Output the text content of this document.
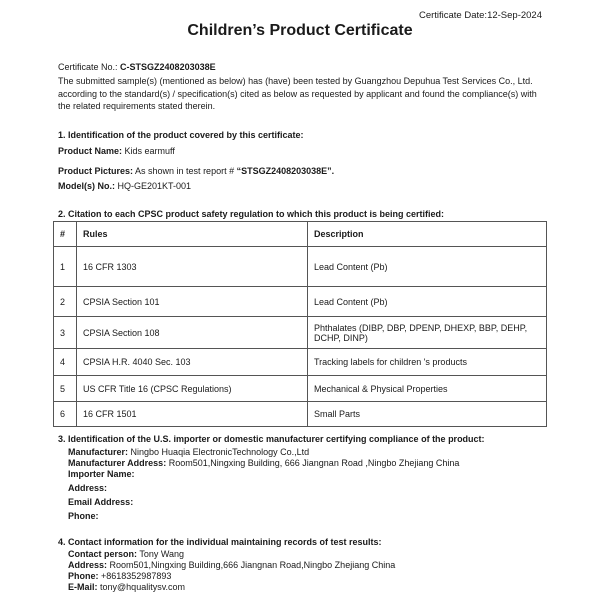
Certificate Date:12-Sep-2024
Children’s Product Certificate
Certificate No.: C-STSGZ2408203038E
The submitted sample(s) (mentioned as below) has (have) been tested by Guangzhou Depuhua Test Services Co., Ltd. according to the standard(s) / specification(s) cited as below as requested by applicant and found the compliance(s) with the related requirements stated therein.
1. Identification of the product covered by this certificate:
Product Name: Kids earmuff
Product Pictures: As shown in test report # “STSGZ2408203038E”.
Model(s) No.: HQ-GE201KT-001
2. Citation to each CPSC product safety regulation to which this product is being certified:
#	Rules	Description
1	16 CFR 1303	Lead Content (Pb)
2	CPSIA Section 101	Lead Content (Pb)
3	CPSIA Section 108	Phthalates (DIBP, DBP, DPENP, DHEXP, BBP, DEHP, DCHP, DINP)
4	CPSIA H.R. 4040 Sec. 103	Tracking labels for children 's products
5	US CFR Title 16 (CPSC Regulations)	Mechanical & Physical Properties
6	16 CFR 1501	Small Parts
3. Identification of the U.S. importer or domestic manufacturer certifying compliance of the product:
Manufacturer: Ningbo Huaqia ElectronicTechnology Co.,Ltd
Manufacturer Address: Room501,Ningxing Building, 666 Jiangnan Road ,Ningbo Zhejiang China
Importer Name:
Address:
Email Address:
Phone:
4. Contact information for the individual maintaining records of test results:
Contact person: Tony Wang
Address: Room501,Ningxing Building,666 Jiangnan Road,Ningbo Zhejiang China
Phone: +8618352987893
E-Mail: tony@hqualitysv.com
